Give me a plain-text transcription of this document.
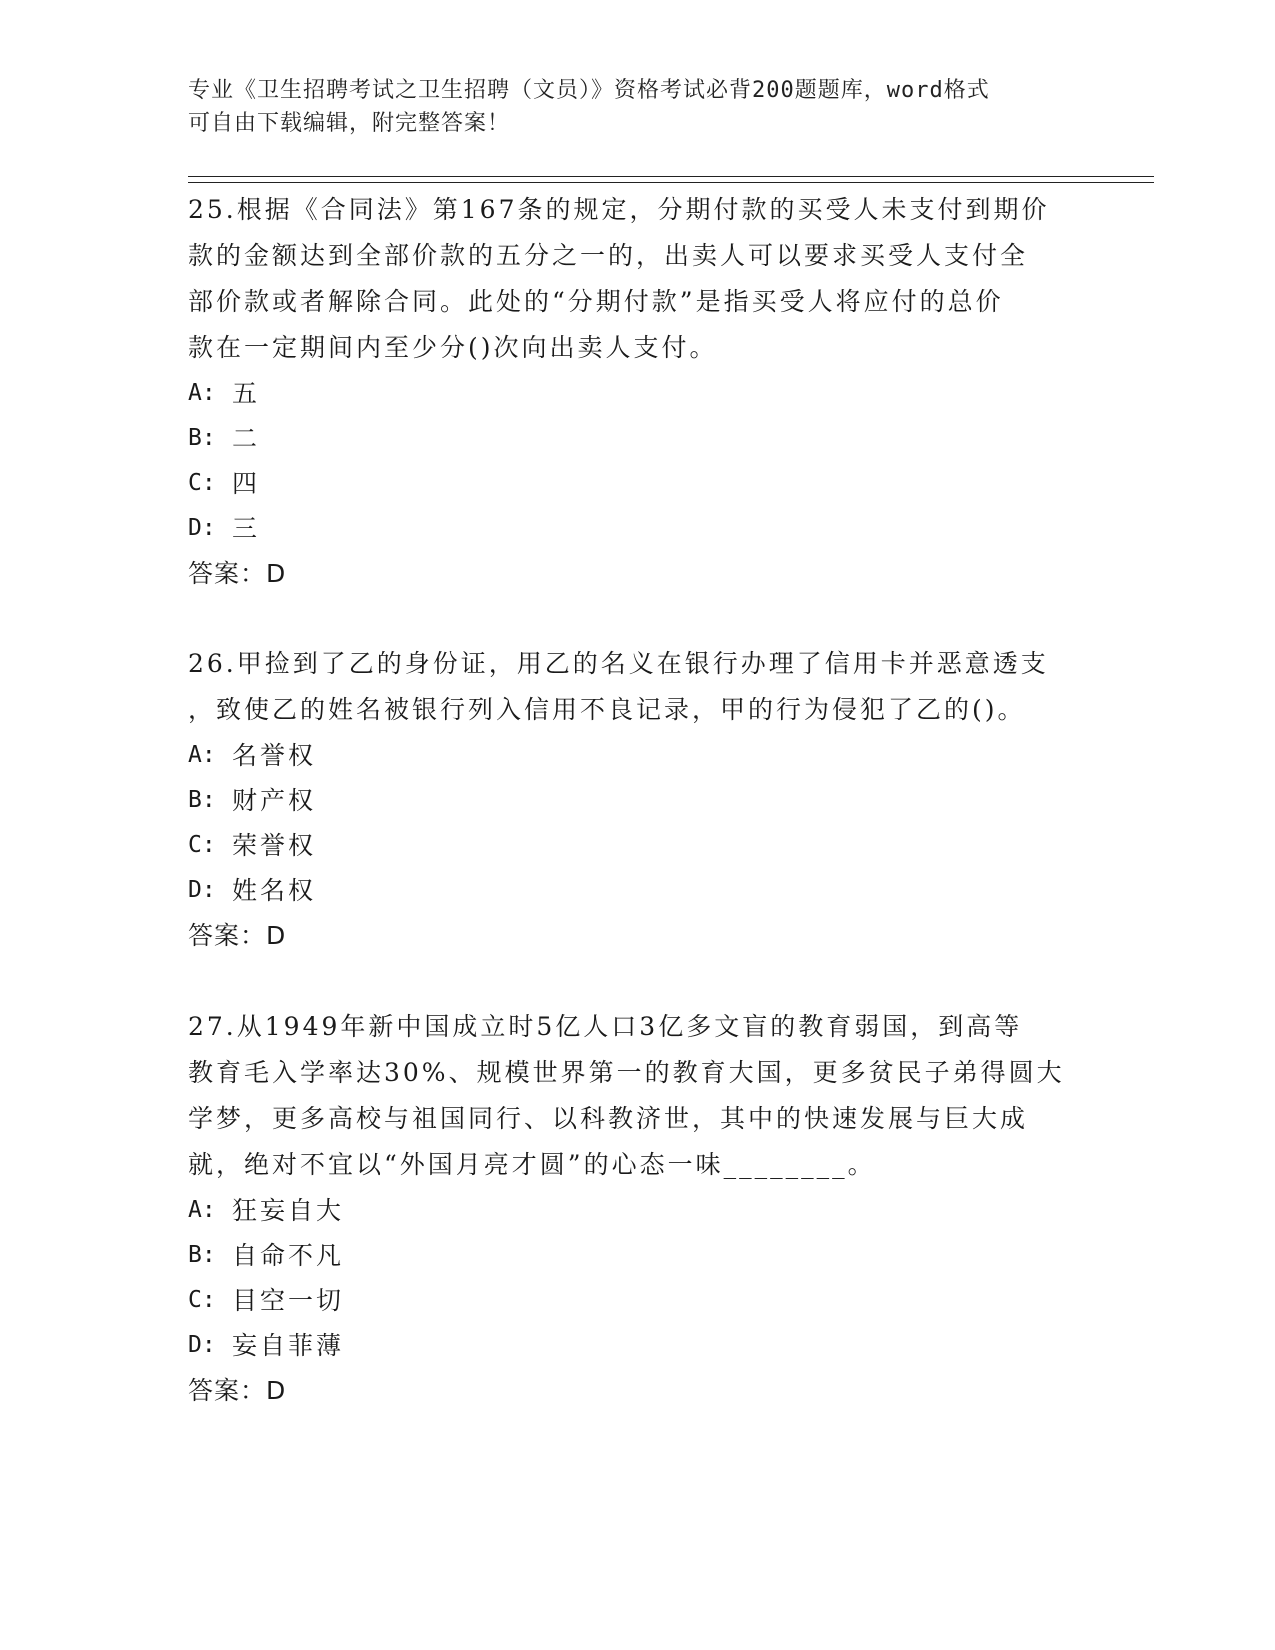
专业《卫生招聘考试之卫生招聘（文员）》资格考试必背200题题库，word格式
可自由下载编辑，附完整答案！

25.根据《合同法》第167条的规定，分期付款的买受人未支付到期价

款的金额达到全部价款的五分之一的，出卖人可以要求买受人支付全

部价款或者解除合同。此处的“分期付款”是指买受人将应付的总价

款在一定期间内至少分()次向出卖人支付。

A: 五

B: 二

C: 四

D: 三

答案：D

26.甲捡到了乙的身份证，用乙的名义在银行办理了信用卡并恶意透支

，致使乙的姓名被银行列入信用不良记录，甲的行为侵犯了乙的()。

A: 名誉权

B: 财产权

C: 荣誉权

D: 姓名权

答案：D

27.从1949年新中国成立时5亿人口3亿多文盲的教育弱国，到高等

教育毛入学率达30%、规模世界第一的教育大国，更多贫民子弟得圆大

学梦，更多高校与祖国同行、以科教济世，其中的快速发展与巨大成

就，绝对不宜以“外国月亮才圆”的心态一味________。

A: 狂妄自大

B: 自命不凡

C: 目空一切

D: 妄自菲薄

答案：D
